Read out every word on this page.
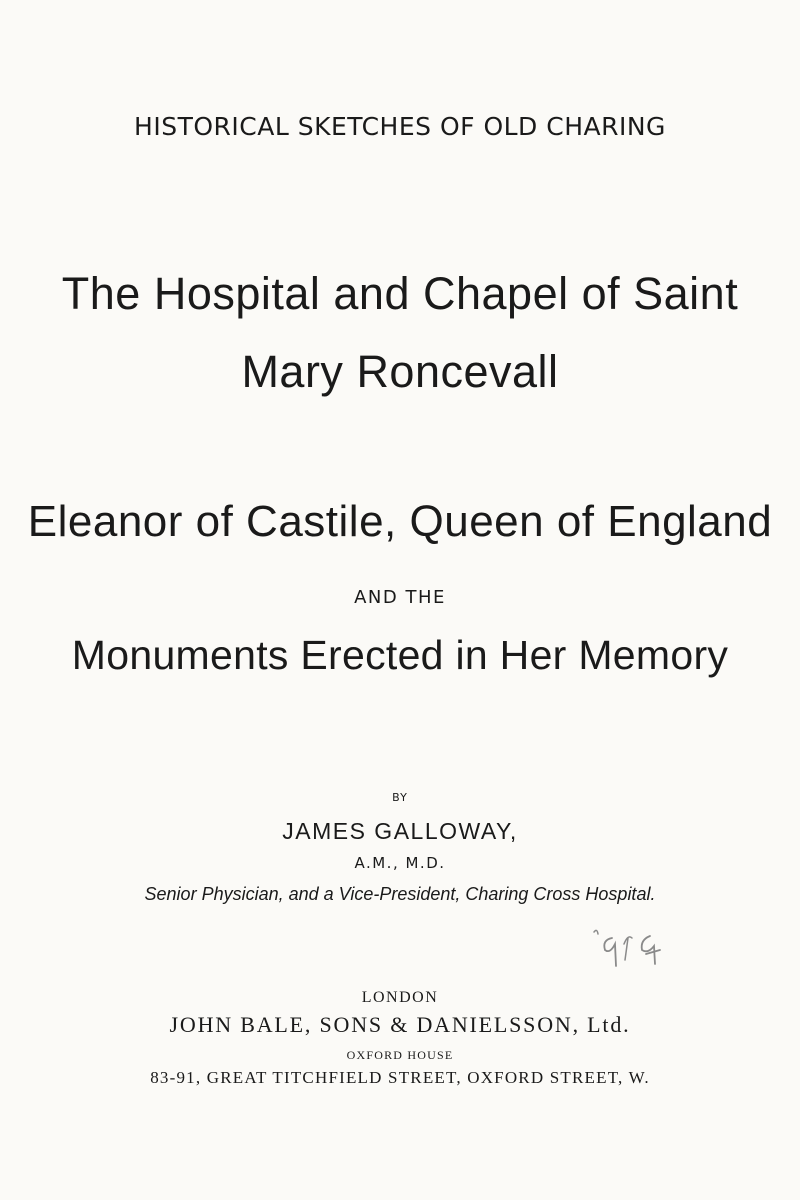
HISTORICAL SKETCHES OF OLD CHARING
The Hospital and Chapel of Saint
Mary Roncevall
Eleanor of Castile, Queen of England
AND THE
Monuments Erected in Her Memory
BY
JAMES GALLOWAY,
A.M., M.D.
Senior Physician, and a Vice-President, Charing Cross Hospital.
LONDON
JOHN BALE, SONS & DANIELSSON, Ltd.
OXFORD HOUSE
83-91, GREAT TITCHFIELD STREET, OXFORD STREET, W.
